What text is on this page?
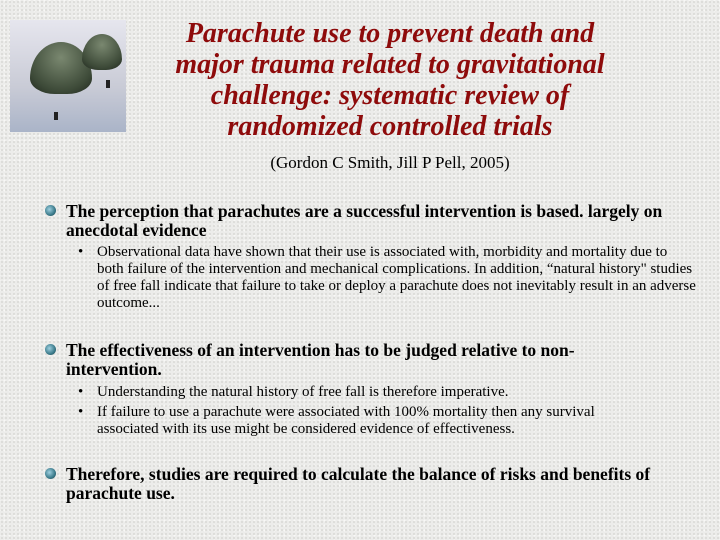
Parachute use to prevent death and
major trauma related to gravitational
challenge: systematic review of
randomized controlled trials
(Gordon C Smith, Jill P Pell, 2005)
The perception that parachutes are a successful intervention is based. largely on anecdotal evidence
• Observational data have shown that their use is associated with, morbidity and mortality due to both failure of the intervention and mechanical complications. In addition, “natural history" studies of free fall indicate that failure to take or deploy a parachute does not inevitably result in an adverse outcome...
The effectiveness of an intervention has to be judged relative to non-intervention.
• Understanding the natural history of free fall is therefore imperative.
• If failure to use a parachute were associated with 100% mortality then any survival associated with its use might be considered evidence of effectiveness.
Therefore, studies are required to calculate the balance of risks and benefits of parachute use.
